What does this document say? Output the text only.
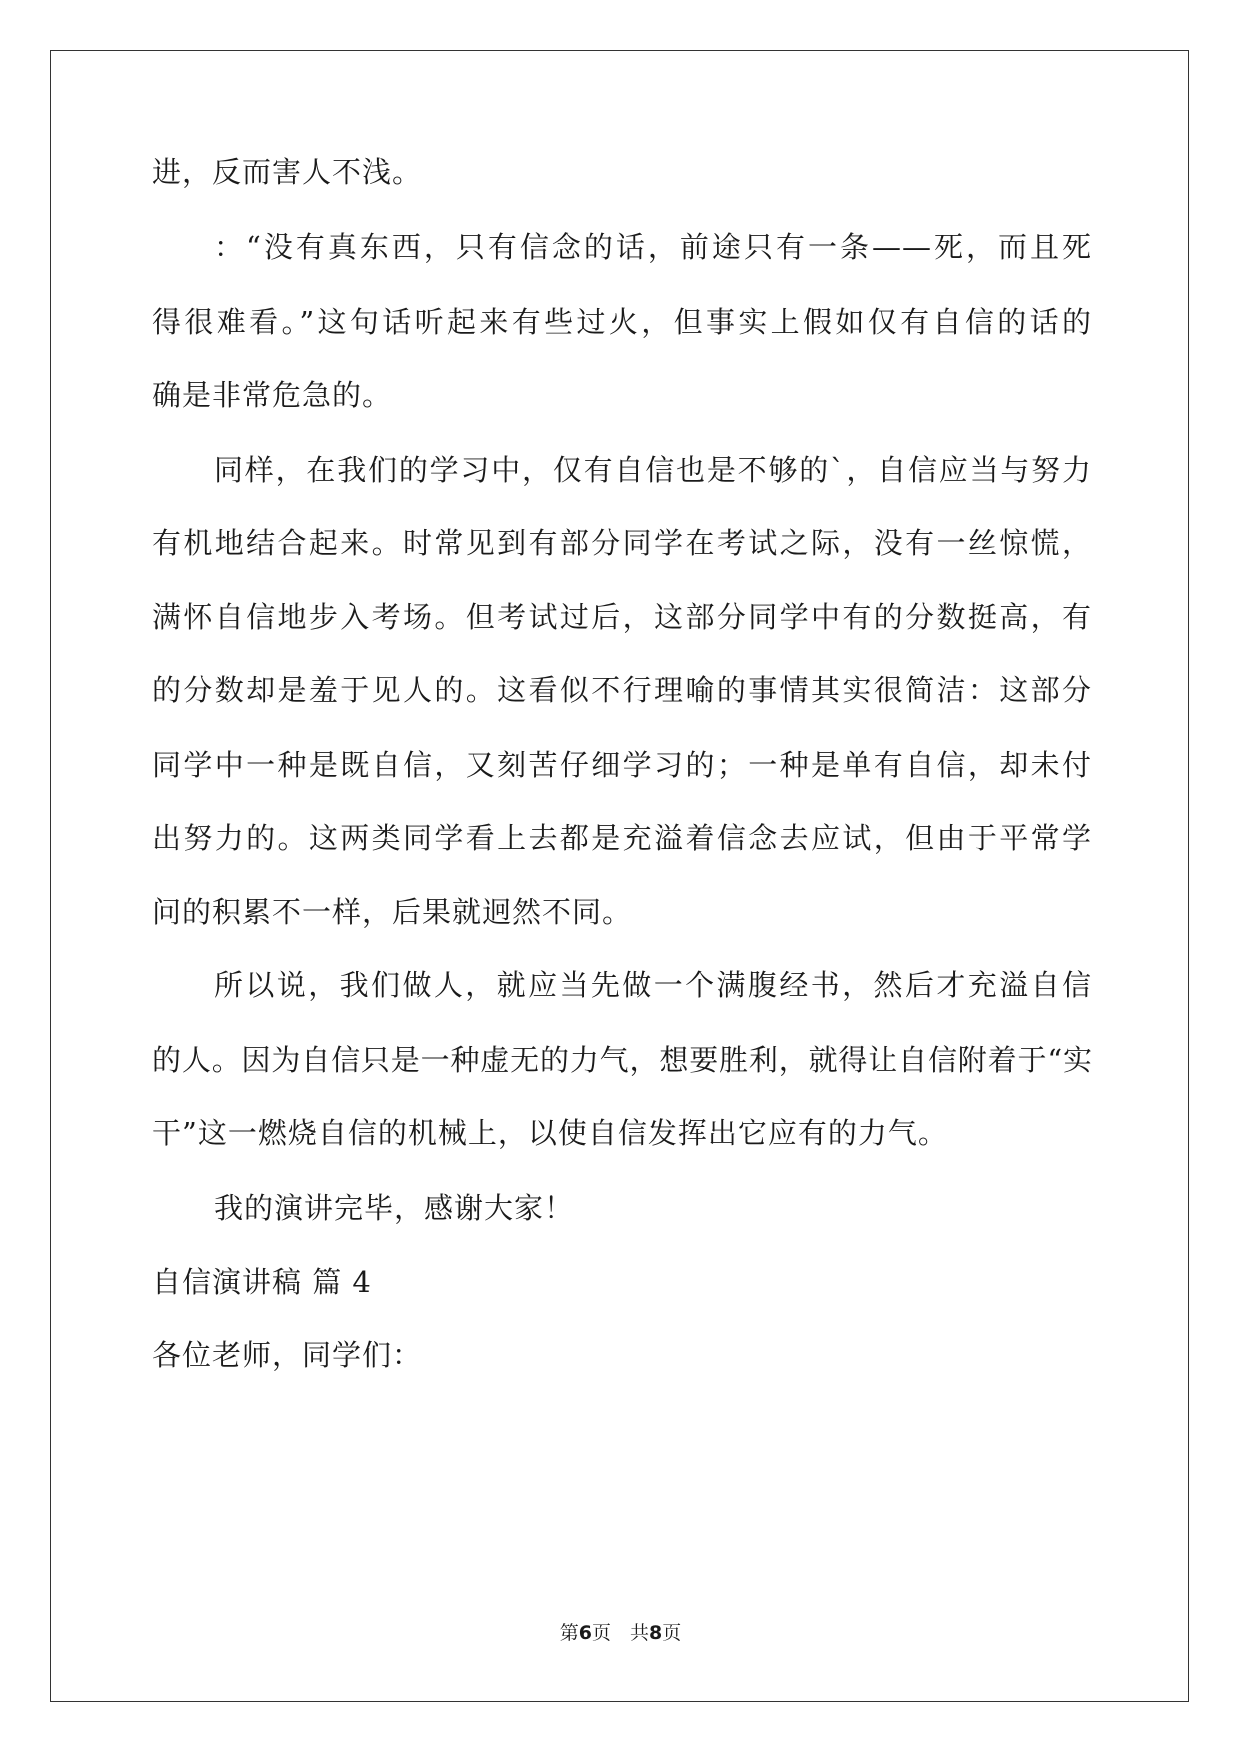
进，反而害人不浅。
：“没有真东西，只有信念的话，前途只有一条——死，而且死
得很难看。”这句话听起来有些过火，但事实上假如仅有自信的话的
确是非常危急的。
同样，在我们的学习中，仅有自信也是不够的`，自信应当与努力
有机地结合起来。时常见到有部分同学在考试之际，没有一丝惊慌，
满怀自信地步入考场。但考试过后，这部分同学中有的分数挺高，有
的分数却是羞于见人的。这看似不行理喻的事情其实很简洁：这部分
同学中一种是既自信，又刻苦仔细学习的；一种是单有自信，却未付
出努力的。这两类同学看上去都是充溢着信念去应试，但由于平常学
问的积累不一样，后果就迥然不同。
所以说，我们做人，就应当先做一个满腹经书，然后才充溢自信
的人。因为自信只是一种虚无的力气，想要胜利，就得让自信附着于“实
干”这一燃烧自信的机械上，以使自信发挥出它应有的力气。
我的演讲完毕，感谢大家！
自信演讲稿 篇 4
各位老师，同学们：
第6页　共8页
